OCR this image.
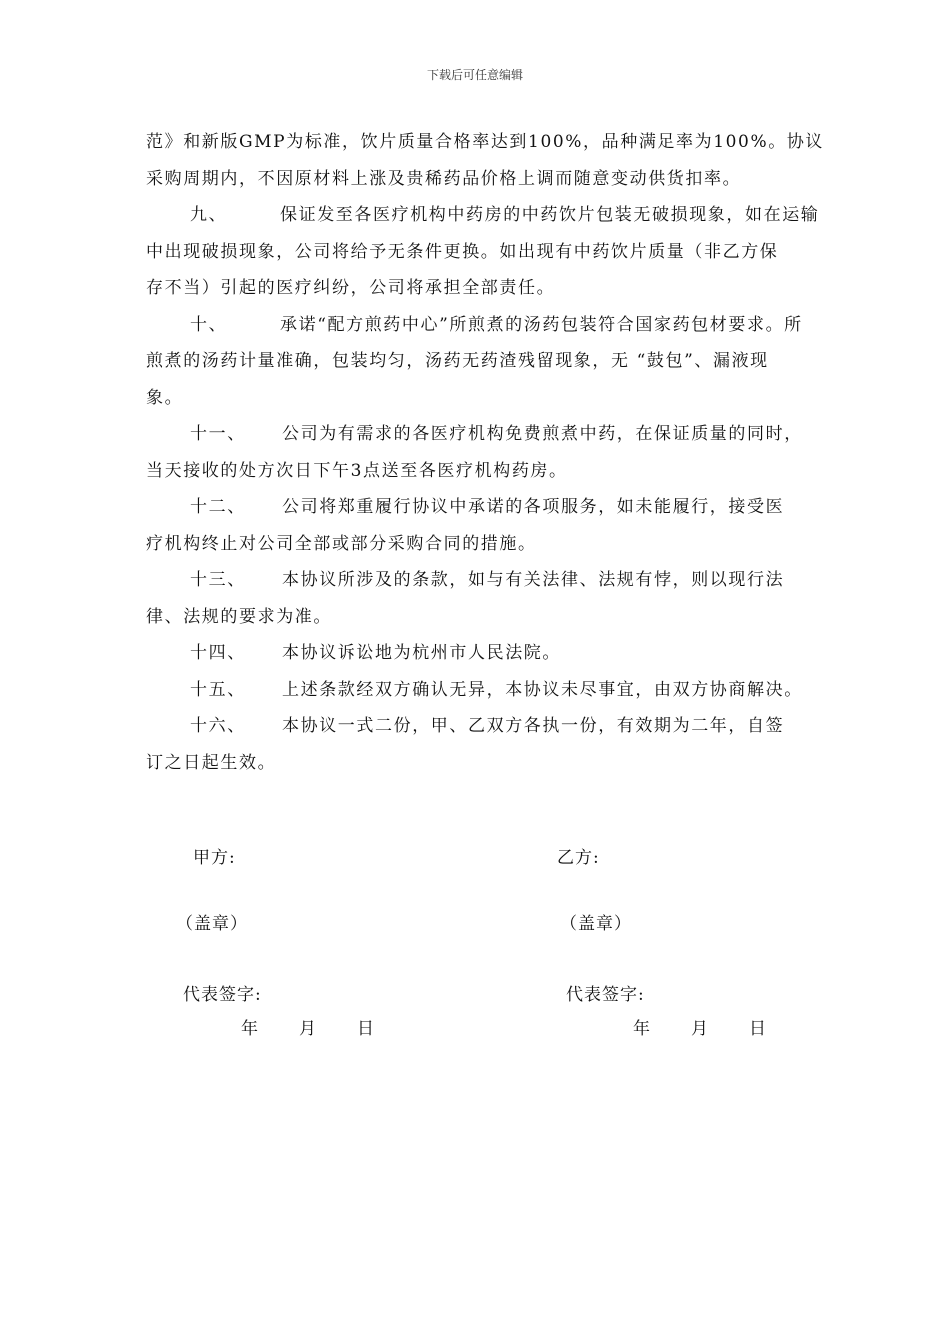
下载后可任意编辑
范》和新版GMP为标准，饮片质量合格率达到100%，品种满足率为100%。协议
采购周期内，不因原材料上涨及贵稀药品价格上调而随意变动供货扣率。
九、	保证发至各医疗机构中药房的中药饮片包装无破损现象，如在运输
中出现破损现象，公司将给予无条件更换。如出现有中药饮片质量（非乙方保
存不当）引起的医疗纠纷，公司将承担全部责任。
十、	承诺“配方煎药中心”所煎煮的汤药包装符合国家药包材要求。所
煎煮的汤药计量准确，包装均匀，汤药无药渣残留现象，无 “鼓包”、漏液现
象。
十一、 公司为有需求的各医疗机构免费煎煮中药，在保证质量的同时，
当天接收的处方次日下午3点送至各医疗机构药房。
十二、 公司将郑重履行协议中承诺的各项服务，如未能履行，接受医
疗机构终止对公司全部或部分采购合同的措施。
十三、 本协议所涉及的条款，如与有关法律、法规有悖，则以现行法
律、法规的要求为准。
十四、 本协议诉讼地为杭州市人民法院。
十五、 上述条款经双方确认无异，本协议未尽事宜，由双方协商解决。
十六、 本协议一式二份，甲、乙双方各执一份，有效期为二年，自签
订之日起生效。
甲方:	乙方:
（盖章）	（盖章）
代表签字:	代表签字:
年 月 日	年 月 日
